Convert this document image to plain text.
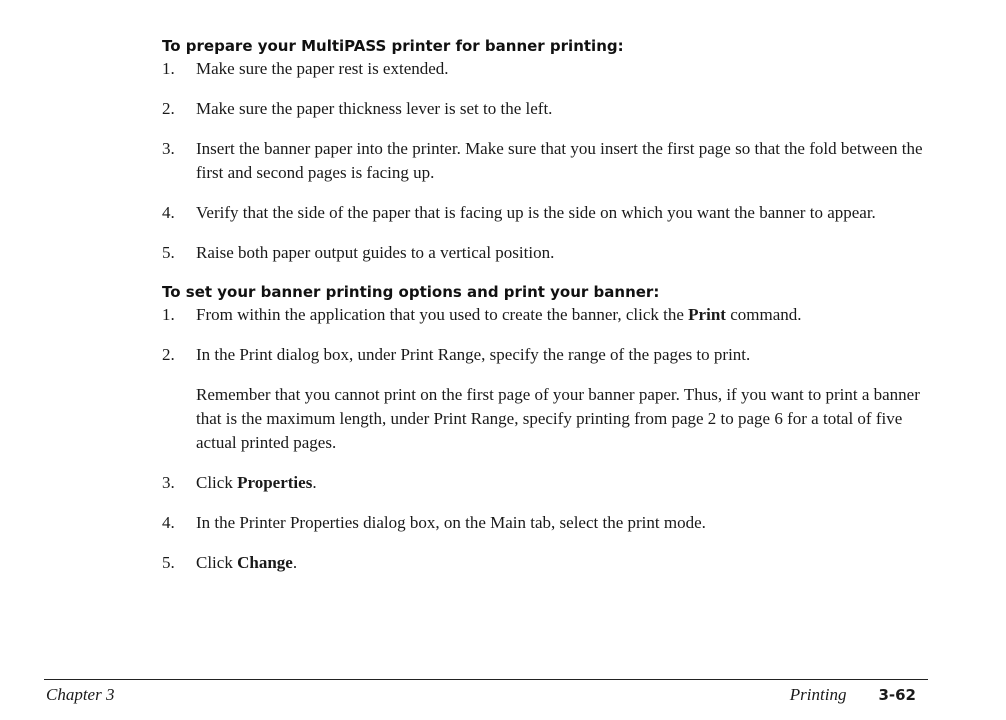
To prepare your MultiPASS printer for banner printing:
1. Make sure the paper rest is extended.
2. Make sure the paper thickness lever is set to the left.
3. Insert the banner paper into the printer. Make sure that you insert the first page so that the fold between the first and second pages is facing up.
4. Verify that the side of the paper that is facing up is the side on which you want the banner to appear.
5. Raise both paper output guides to a vertical position.
To set your banner printing options and print your banner:
1. From within the application that you used to create the banner, click the Print command.
2. In the Print dialog box, under Print Range, specify the range of the pages to print.
Remember that you cannot print on the first page of your banner paper. Thus, if you want to print a banner that is the maximum length, under Print Range, specify printing from page 2 to page 6 for a total of five actual printed pages.
3. Click Properties.
4. In the Printer Properties dialog box, on the Main tab, select the print mode.
5. Click Change.
Chapter 3	Printing 3-62
